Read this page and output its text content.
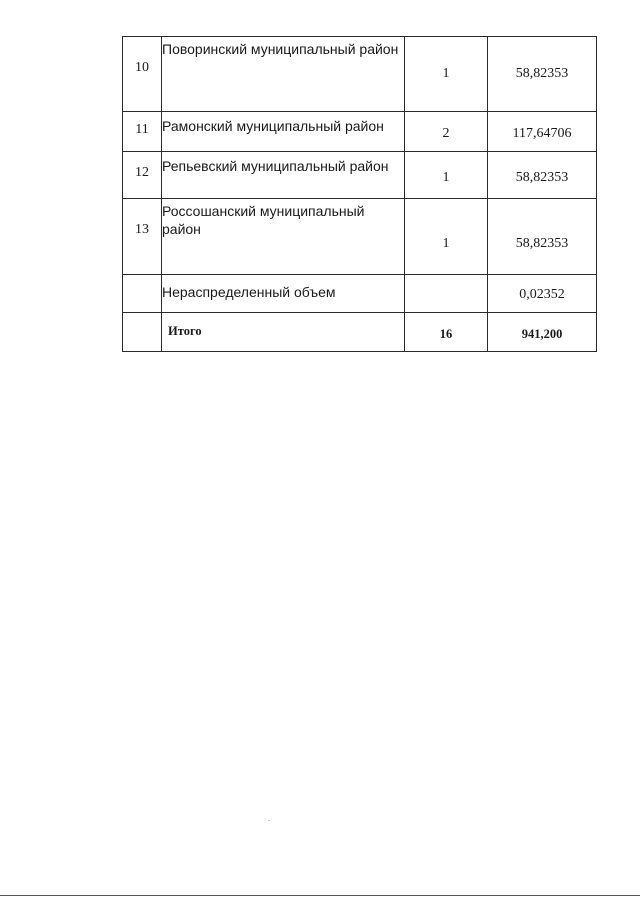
10	Поворинский муниципальный район	1	58,82353
11	Рамонский муниципальный район	2	117,64706
12	Репьевский муниципальный район	1	58,82353
13	Россошанский муниципальный район	1	58,82353
	Нераспределенный объем		0,02352
	Итого	16	941,200
